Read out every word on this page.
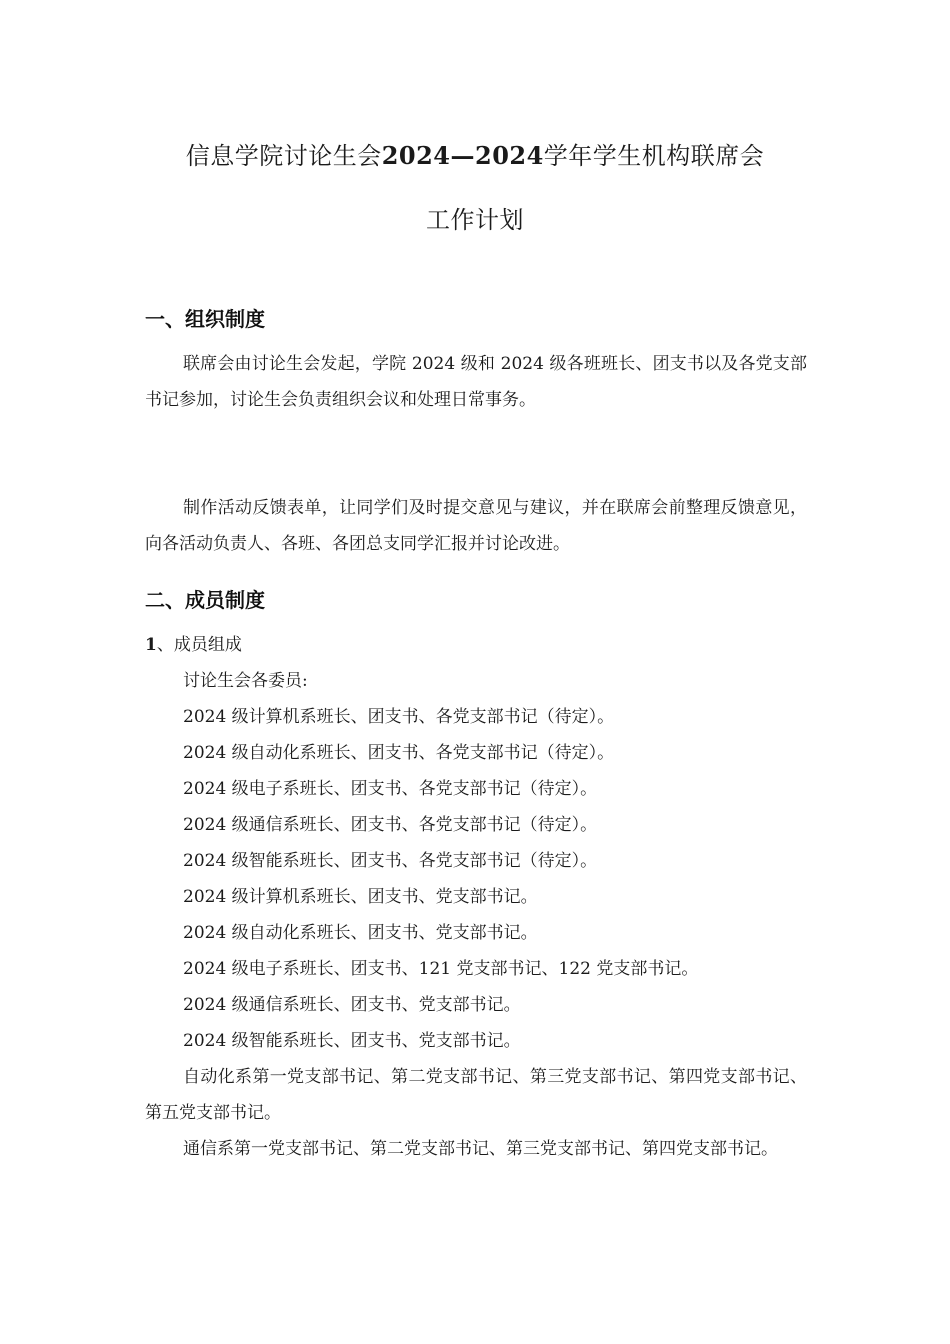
信息学院讨论生会2024—2024学年学生机构联席会
工作计划
一、组织制度
联席会由讨论生会发起，学院 2024 级和 2024 级各班班长、团支书以及各党支部书记参加，讨论生会负责组织会议和处理日常事务。
制作活动反馈表单，让同学们及时提交意见与建议，并在联席会前整理反馈意见，向各活动负责人、各班、各团总支同学汇报并讨论改进。
二、成员制度
1、成员组成
讨论生会各委员:
2024 级计算机系班长、团支书、各党支部书记（待定）。
2024 级自动化系班长、团支书、各党支部书记（待定）。
2024 级电子系班长、团支书、各党支部书记（待定）。
2024 级通信系班长、团支书、各党支部书记（待定）。
2024 级智能系班长、团支书、各党支部书记（待定）。
2024 级计算机系班长、团支书、党支部书记。
2024 级自动化系班长、团支书、党支部书记。
2024 级电子系班长、团支书、121 党支部书记、122 党支部书记。
2024 级通信系班长、团支书、党支部书记。
2024 级智能系班长、团支书、党支部书记。
自动化系第一党支部书记、第二党支部书记、第三党支部书记、第四党支部书记、第五党支部书记。
通信系第一党支部书记、第二党支部书记、第三党支部书记、第四党支部书记。
